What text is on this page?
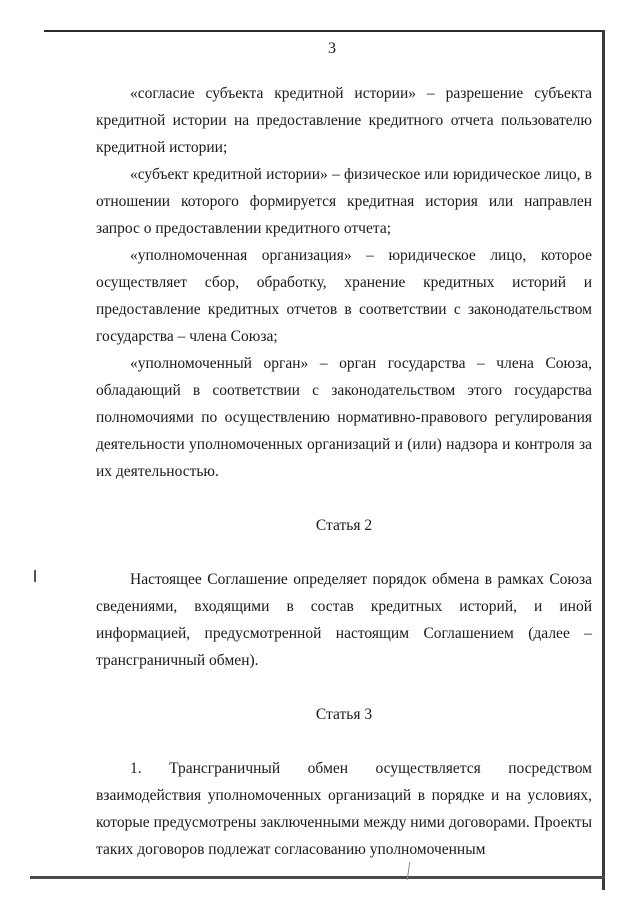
3

«согласие субъекта кредитной истории» – разрешение субъекта кредитной истории на предоставление кредитного отчета пользователю кредитной истории;

«субъект кредитной истории» – физическое или юридическое лицо, в отношении которого формируется кредитная история или направлен запрос о предоставлении кредитного отчета;

«уполномоченная организация» – юридическое лицо, которое осуществляет сбор, обработку, хранение кредитных историй и предоставление кредитных отчетов в соответствии с законодательством государства – члена Союза;

«уполномоченный орган» – орган государства – члена Союза, обладающий в соответствии с законодательством этого государства полномочиями по осуществлению нормативно-правового регулирования деятельности уполномоченных организаций и (или) надзора и контроля за их деятельностью.

Статья 2

Настоящее Соглашение определяет порядок обмена в рамках Союза сведениями, входящими в состав кредитных историй, и иной информацией, предусмотренной настоящим Соглашением (далее – трансграничный обмен).

Статья 3

1. Трансграничный обмен осуществляется посредством взаимодействия уполномоченных организаций в порядке и на условиях, которые предусмотрены заключенными между ними договорами. Проекты таких договоров подлежат согласованию уполномоченным
